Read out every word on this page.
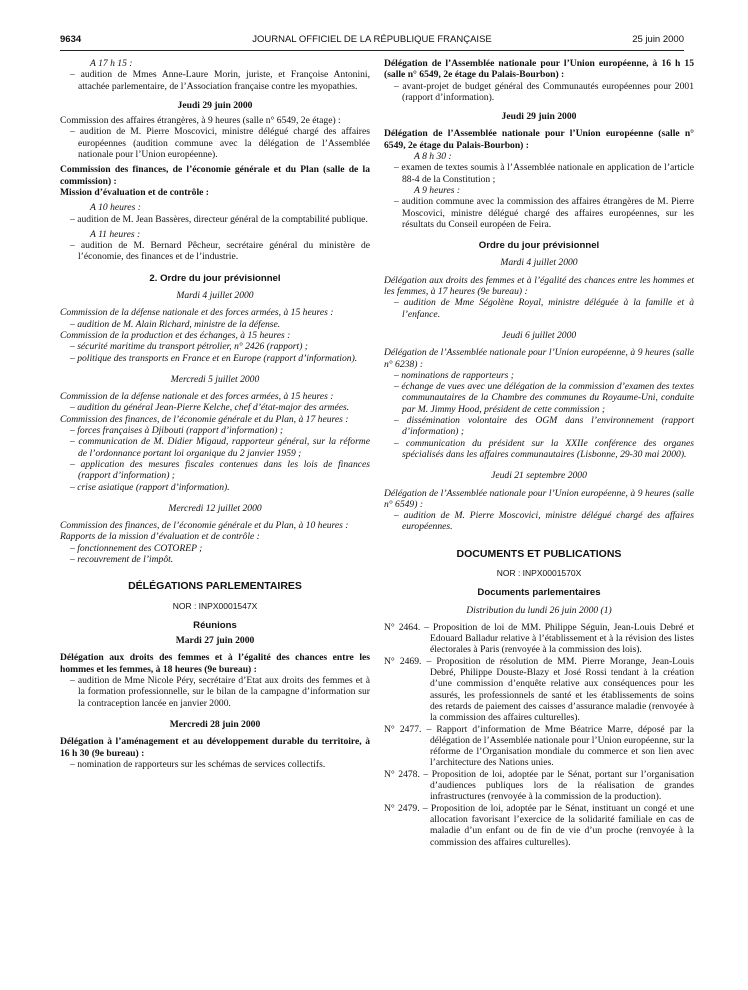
9634	JOURNAL OFFICIEL DE LA RÉPUBLIQUE FRANÇAISE	25 juin 2000

A 17 h 15 :

– audition de Mmes Anne-Laure Morin, juriste, et Françoise Antonini, attachée parlementaire, de l’Association française contre les myopathies.

Jeudi 29 juin 2000

Commission des affaires étrangères, à 9 heures (salle n° 6549, 2e étage) :

– audition de M. Pierre Moscovici, ministre délégué chargé des affaires européennes (audition commune avec la délégation de l’Assemblée nationale pour l’Union européenne).

Commission des finances, de l’économie générale et du Plan (salle de la commission) :

Mission d’évaluation et de contrôle :

A 10 heures :

– audition de M. Jean Bassères, directeur général de la comptabilité publique.

A 11 heures :

– audition de M. Bernard Pêcheur, secrétaire général du ministère de l’économie, des finances et de l’industrie.

2. Ordre du jour prévisionnel

Mardi 4 juillet 2000

Commission de la défense nationale et des forces armées, à 15 heures :

– audition de M. Alain Richard, ministre de la défense.

Commission de la production et des échanges, à 15 heures :

– sécurité maritime du transport pétrolier, n° 2426 (rapport) ;

– politique des transports en France et en Europe (rapport d’information).

Mercredi 5 juillet 2000

Commission de la défense nationale et des forces armées, à 15 heures :

– audition du général Jean-Pierre Kelche, chef d’état-major des armées.

Commission des finances, de l’économie générale et du Plan, à 17 heures :

– forces françaises à Djibouti (rapport d’information) ;

– communication de M. Didier Migaud, rapporteur général, sur la réforme de l’ordonnance portant loi organique du 2 janvier 1959 ;

– application des mesures fiscales contenues dans les lois de finances (rapport d’information) ;

– crise asiatique (rapport d’information).

Mercredi 12 juillet 2000

Commission des finances, de l’économie générale et du Plan, à 10 heures :

Rapports de la mission d’évaluation et de contrôle :

– fonctionnement des COTOREP ;

– recouvrement de l’impôt.

DÉLÉGATIONS PARLEMENTAIRES

NOR : INPX0001547X

Réunions

Mardi 27 juin 2000

Délégation aux droits des femmes et à l’égalité des chances entre les hommes et les femmes, à 18 heures (9e bureau) :

– audition de Mme Nicole Péry, secrétaire d’Etat aux droits des femmes et à la formation professionnelle, sur le bilan de la campagne d’information sur la contraception lancée en janvier 2000.

Mercredi 28 juin 2000

Délégation à l’aménagement et au développement durable du territoire, à 16 h 30 (9e bureau) :

– nomination de rapporteurs sur les schémas de services collectifs.

Délégation de l’Assemblée nationale pour l’Union européenne, à 16 h 15 (salle n° 6549, 2e étage du Palais-Bourbon) :

– avant-projet de budget général des Communautés européennes pour 2001 (rapport d’information).

Jeudi 29 juin 2000

Délégation de l’Assemblée nationale pour l’Union européenne (salle n° 6549, 2e étage du Palais-Bourbon) :

A 8 h 30 :

– examen de textes soumis à l’Assemblée nationale en application de l’article 88-4 de la Constitution ;

A 9 heures :

– audition commune avec la commission des affaires étrangères de M. Pierre Moscovici, ministre délégué chargé des affaires européennes, sur les résultats du Conseil européen de Feira.

Ordre du jour prévisionnel

Mardi 4 juillet 2000

Délégation aux droits des femmes et à l’égalité des chances entre les hommes et les femmes, à 17 heures (9e bureau) :

– audition de Mme Ségolène Royal, ministre déléguée à la famille et à l’enfance.

Jeudi 6 juillet 2000

Délégation de l’Assemblée nationale pour l’Union européenne, à 9 heures (salle n° 6238) :

– nominations de rapporteurs ;

– échange de vues avec une délégation de la commission d’examen des textes communautaires de la Chambre des communes du Royaume-Uni, conduite par M. Jimmy Hood, président de cette commission ;

– dissémination volontaire des OGM dans l’environnement (rapport d’information) ;

– communication du président sur la XXIIe conférence des organes spécialisés dans les affaires communautaires (Lisbonne, 29-30 mai 2000).

Jeudi 21 septembre 2000

Délégation de l’Assemblée nationale pour l’Union européenne, à 9 heures (salle n° 6549) :

– audition de M. Pierre Moscovici, ministre délégué chargé des affaires européennes.

DOCUMENTS ET PUBLICATIONS

NOR : INPX0001570X

Documents parlementaires

Distribution du lundi 26 juin 2000 (1)

N° 2464. – Proposition de loi de MM. Philippe Séguin, Jean-Louis Debré et Edouard Balladur relative à l’établissement et à la révision des listes électorales à Paris (renvoyée à la commission des lois).

N° 2469. – Proposition de résolution de MM. Pierre Morange, Jean-Louis Debré, Philippe Douste-Blazy et José Rossi tendant à la création d’une commission d’enquête relative aux conséquences pour les assurés, les professionnels de santé et les établissements de soins des retards de paiement des caisses d’assurance maladie (renvoyée à la commission des affaires culturelles).

N° 2477. – Rapport d’information de Mme Béatrice Marre, déposé par la délégation de l’Assemblée nationale pour l’Union européenne, sur la réforme de l’Organisation mondiale du commerce et son lien avec l’architecture des Nations unies.

N° 2478. – Proposition de loi, adoptée par le Sénat, portant sur l’organisation d’audiences publiques lors de la réalisation de grandes infrastructures (renvoyée à la commission de la production).

N° 2479. – Proposition de loi, adoptée par le Sénat, instituant un congé et une allocation favorisant l’exercice de la solidarité familiale en cas de maladie d’un enfant ou de fin de vie d’un proche (renvoyée à la commission des affaires culturelles).
